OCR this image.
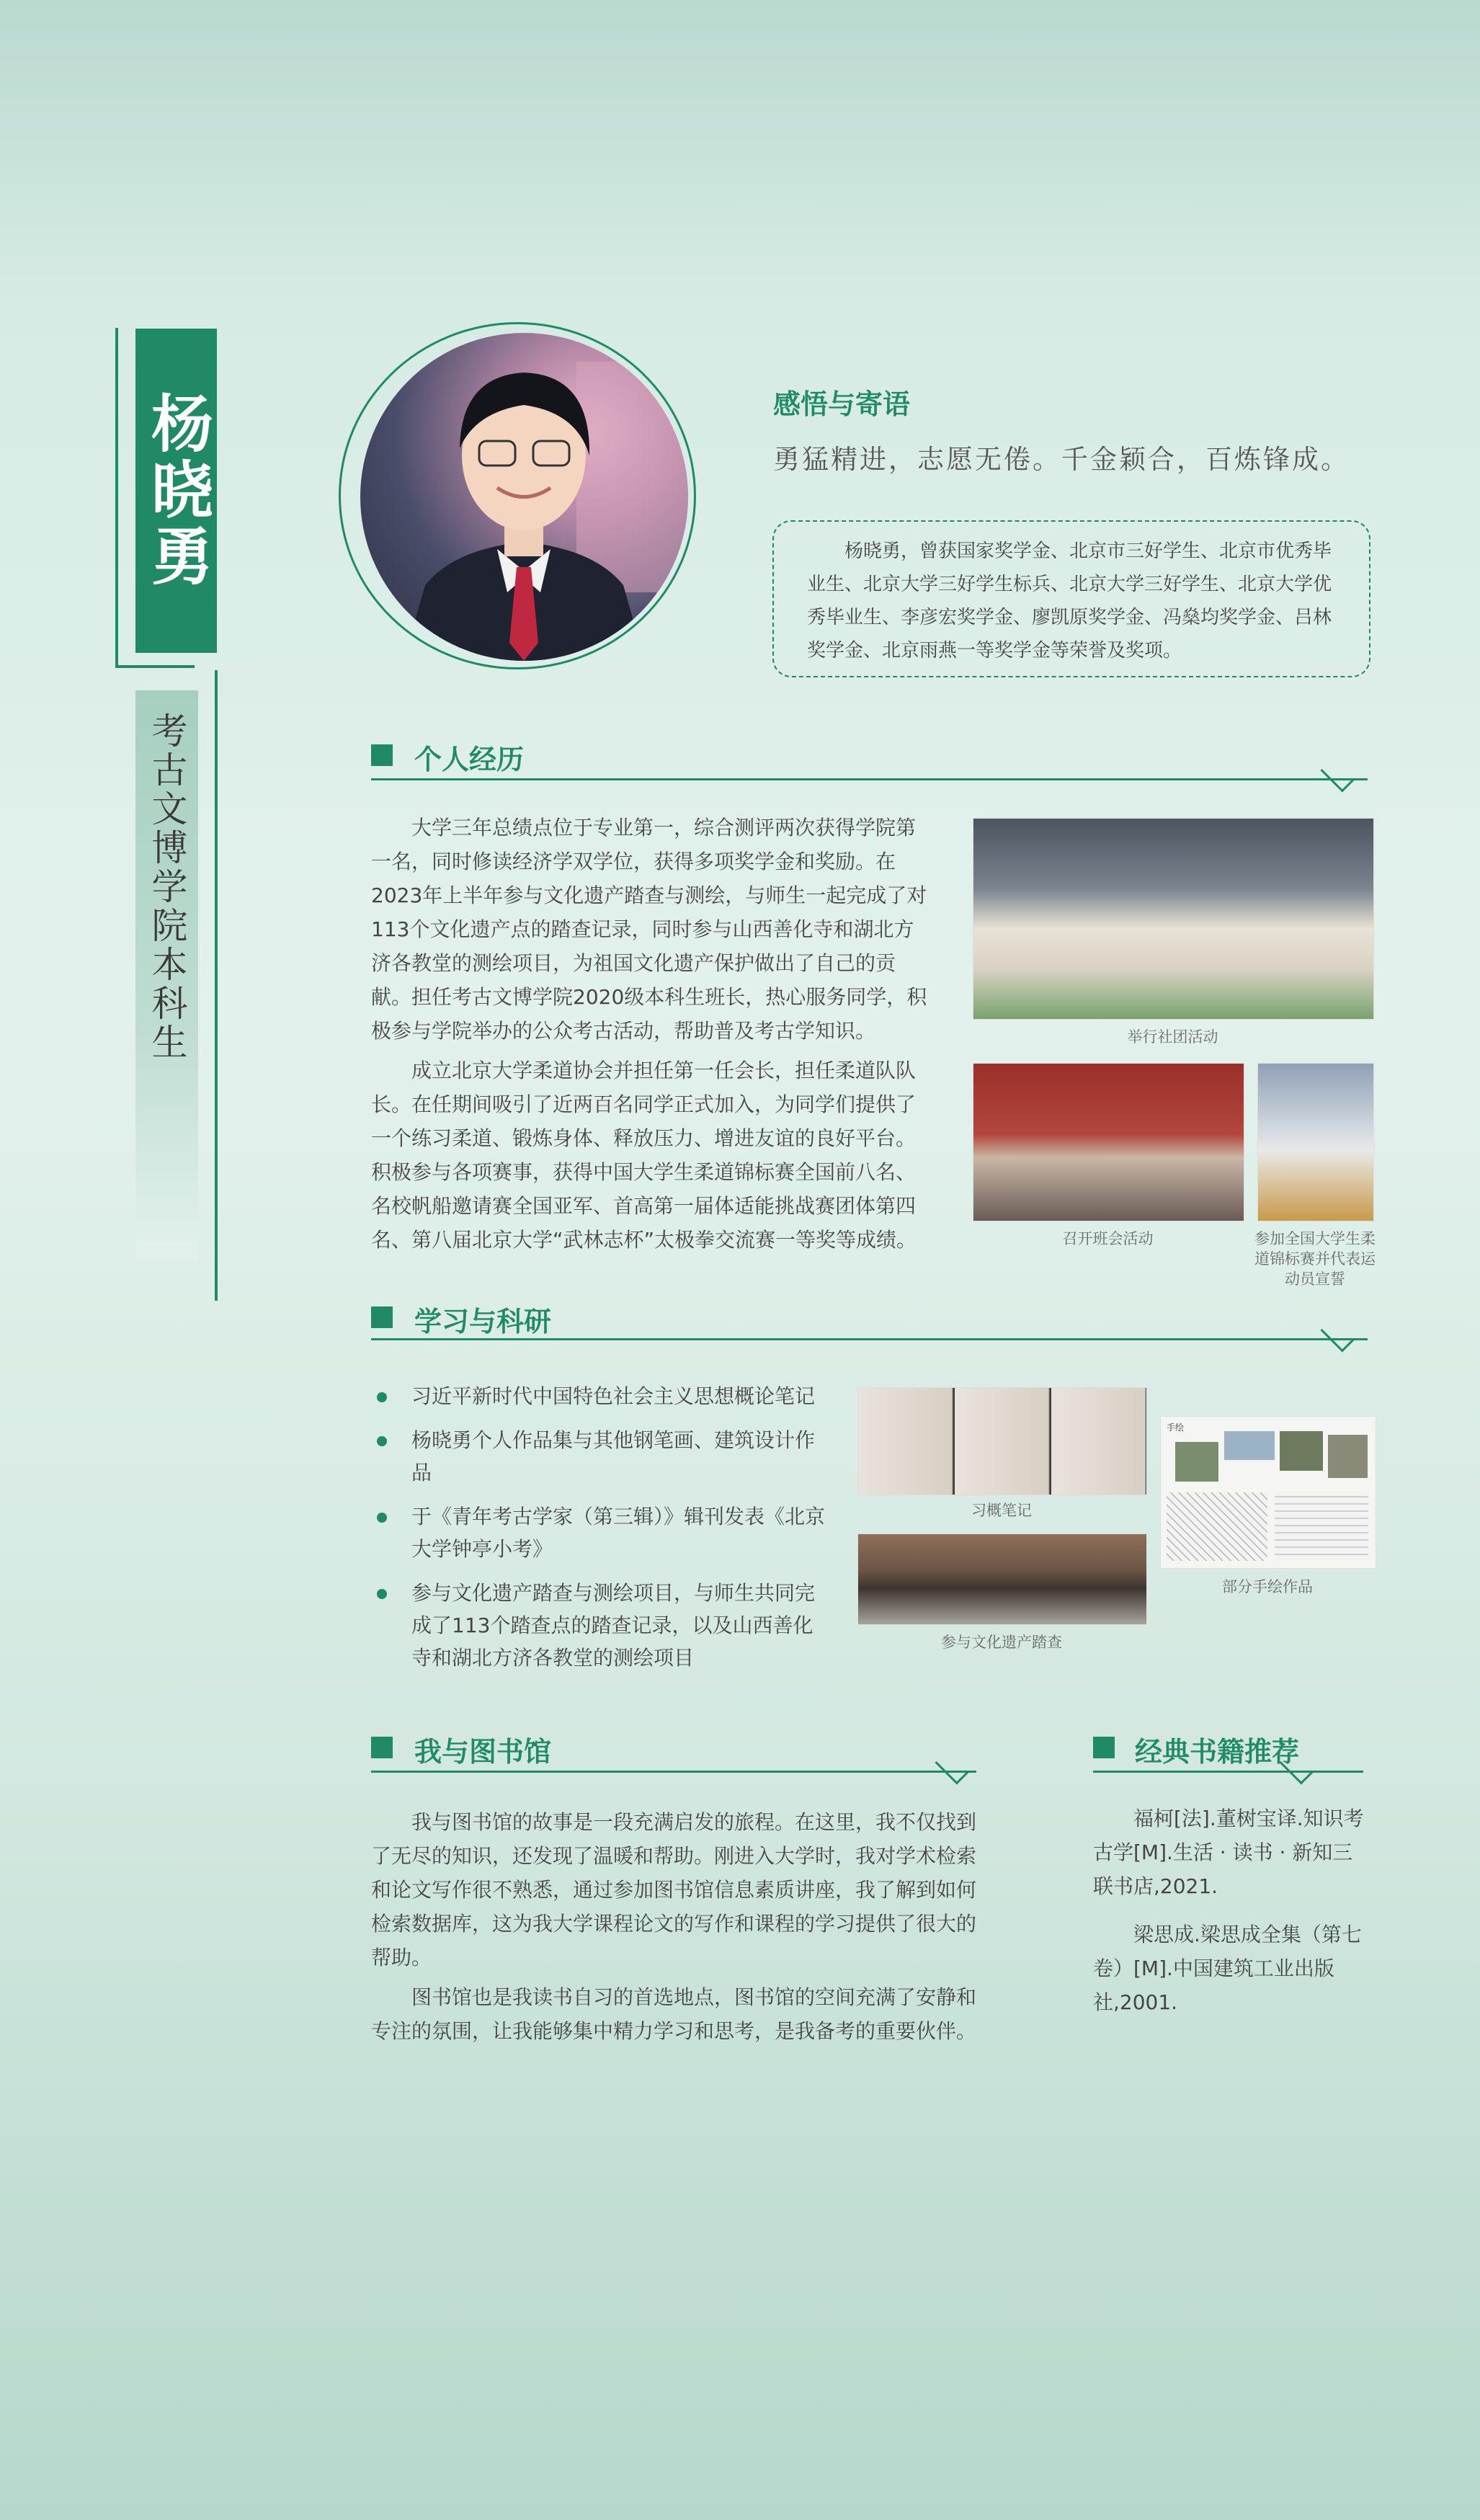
杨晓勇
考古文博学院本科生
感悟与寄语
勇猛精进，志愿无倦。千金颖合，百炼锋成。
杨晓勇，曾获国家奖学金、北京市三好学生、北京市优秀毕业生、北京大学三好学生标兵、北京大学三好学生、北京大学优秀毕业生、李彦宏奖学金、廖凯原奖学金、冯燊均奖学金、吕林奖学金、北京雨燕一等奖学金等荣誉及奖项。
个人经历

大学三年总绩点位于专业第一，综合测评两次获得学院第一名，同时修读经济学双学位，获得多项奖学金和奖励。在2023年上半年参与文化遗产踏查与测绘，与师生一起完成了对113个文化遗产点的踏查记录，同时参与山西善化寺和湖北方济各教堂的测绘项目，为祖国文化遗产保护做出了自己的贡献。担任考古文博学院2020级本科生班长，热心服务同学，积极参与学院举办的公众考古活动，帮助普及考古学知识。

成立北京大学柔道协会并担任第一任会长，担任柔道队队长。在任期间吸引了近两百名同学正式加入，为同学们提供了一个练习柔道、锻炼身体、释放压力、增进友谊的良好平台。积极参与各项赛事，获得中国大学生柔道锦标赛全国前八名、名校帆船邀请赛全国亚军、首高第一届体适能挑战赛团体第四名、第八届北京大学“武林志杯”太极拳交流赛一等奖等成绩。

举行社团活动
召开班会活动	参加全国大学生柔道锦标赛并代表运动员宣誓
学习与科研
习近平新时代中国特色社会主义思想概论笔记
杨晓勇个人作品集与其他钢笔画、建筑设计作品
于《青年考古学家（第三辑）》辑刊发表《北京大学钟亭小考》
参与文化遗产踏查与测绘项目，与师生共同完成了113个踏查点的踏查记录，以及山西善化寺和湖北方济各教堂的测绘项目
习概笔记
参与文化遗产踏查
手绘
部分手绘作品
我与图书馆

我与图书馆的故事是一段充满启发的旅程。在这里，我不仅找到了无尽的知识，还发现了温暖和帮助。刚进入大学时，我对学术检索和论文写作很不熟悉，通过参加图书馆信息素质讲座，我了解到如何检索数据库，这为我大学课程论文的写作和课程的学习提供了很大的帮助。

图书馆也是我读书自习的首选地点，图书馆的空间充满了安静和专注的氛围，让我能够集中精力学习和思考，是我备考的重要伙伴。

经典书籍推荐

福柯[法].董树宝译.知识考古学[M].生活 · 读书 · 新知三联书店,2021.

梁思成.梁思成全集（第七卷）[M].中国建筑工业出版社,2001.
